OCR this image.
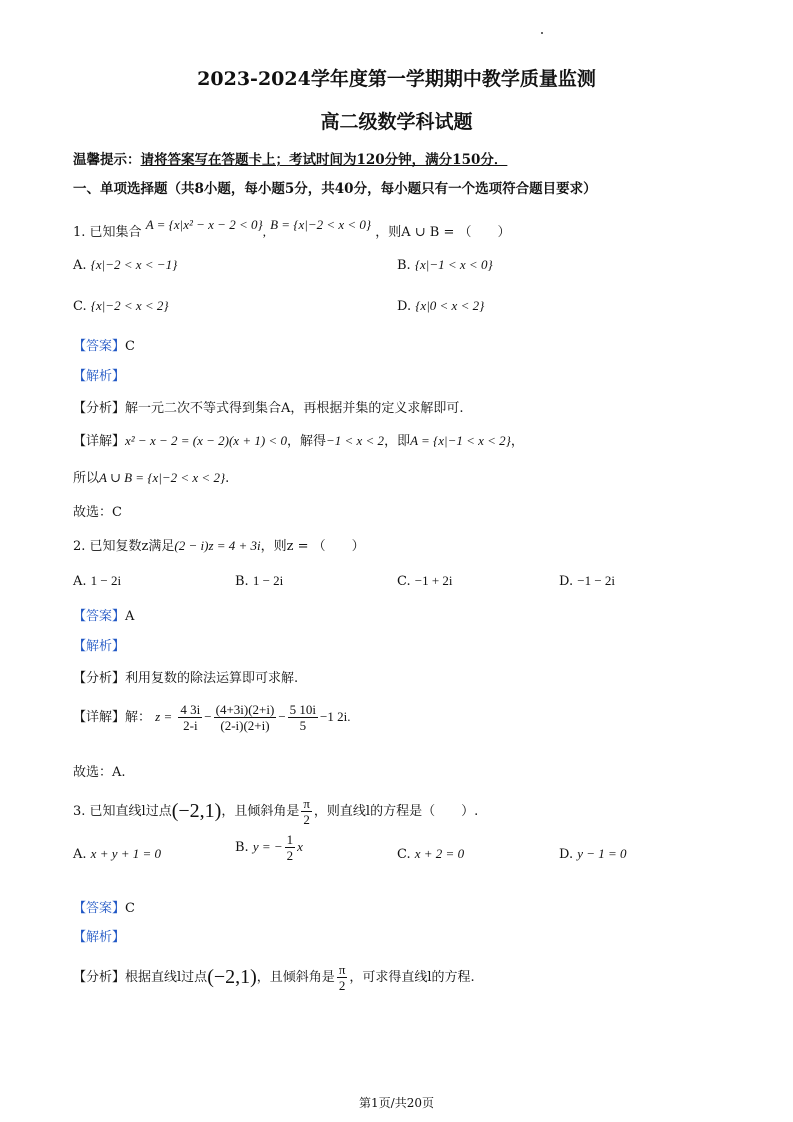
2023-2024学年度第一学期期中教学质量监测
高二级数学科试题
温馨提示：请将答案写在答题卡上；考试时间为120分钟，满分150分．
一、单项选择题（共8小题，每小题5分，共40分，每小题只有一个选项符合题目要求）
1. 已知集合 A = {x|x² − x − 2 < 0}, B = {x|−2 < x < 0} ，则A ∪ B = （　　）
A. {x|−2 < x < −1}	B. {x|−1 < x < 0}
C. {x|−2 < x < 2}	D. {x|0 < x < 2}
【答案】C
【解析】
【分析】解一元二次不等式得到集合A，再根据并集的定义求解即可.
【详解】x² − x − 2 = (x − 2)(x + 1) < 0，解得−1 < x < 2，即A = {x|−1 < x < 2}，
所以A ∪ B = {x|−2 < x < 2}.
故选：C
2. 已知复数z满足(2 − i)z = 4 + 3i，则z = （　　）
A. 1 − 2i	B. 1 − 2i	C. −1 + 2i	D. −1 − 2i
【答案】A
【解析】
【分析】利用复数的除法运算即可求解.
【详解】解： $z = \frac{4 3i}{2-i} - \frac{(4+3i)(2+i)}{(2-i)(2+i)} - \frac{5 10i}{5} -1$ 2i.
故选：A.
3. 已知直线l过点(−2,1)，且倾斜角是 $\frac{\pi}{2}$ ，则直线l的方程是（　　）.
A. x + y + 1 = 0	B. y = − $\frac{1}{2}$ x
C. x + 2 = 0	D. y − 1 = 0
【答案】C
【解析】
【分析】根据直线l过点(−2,1)，且倾斜角是 $\frac{\pi}{2}$ ，可求得直线l的方程.
第1页/共20页
